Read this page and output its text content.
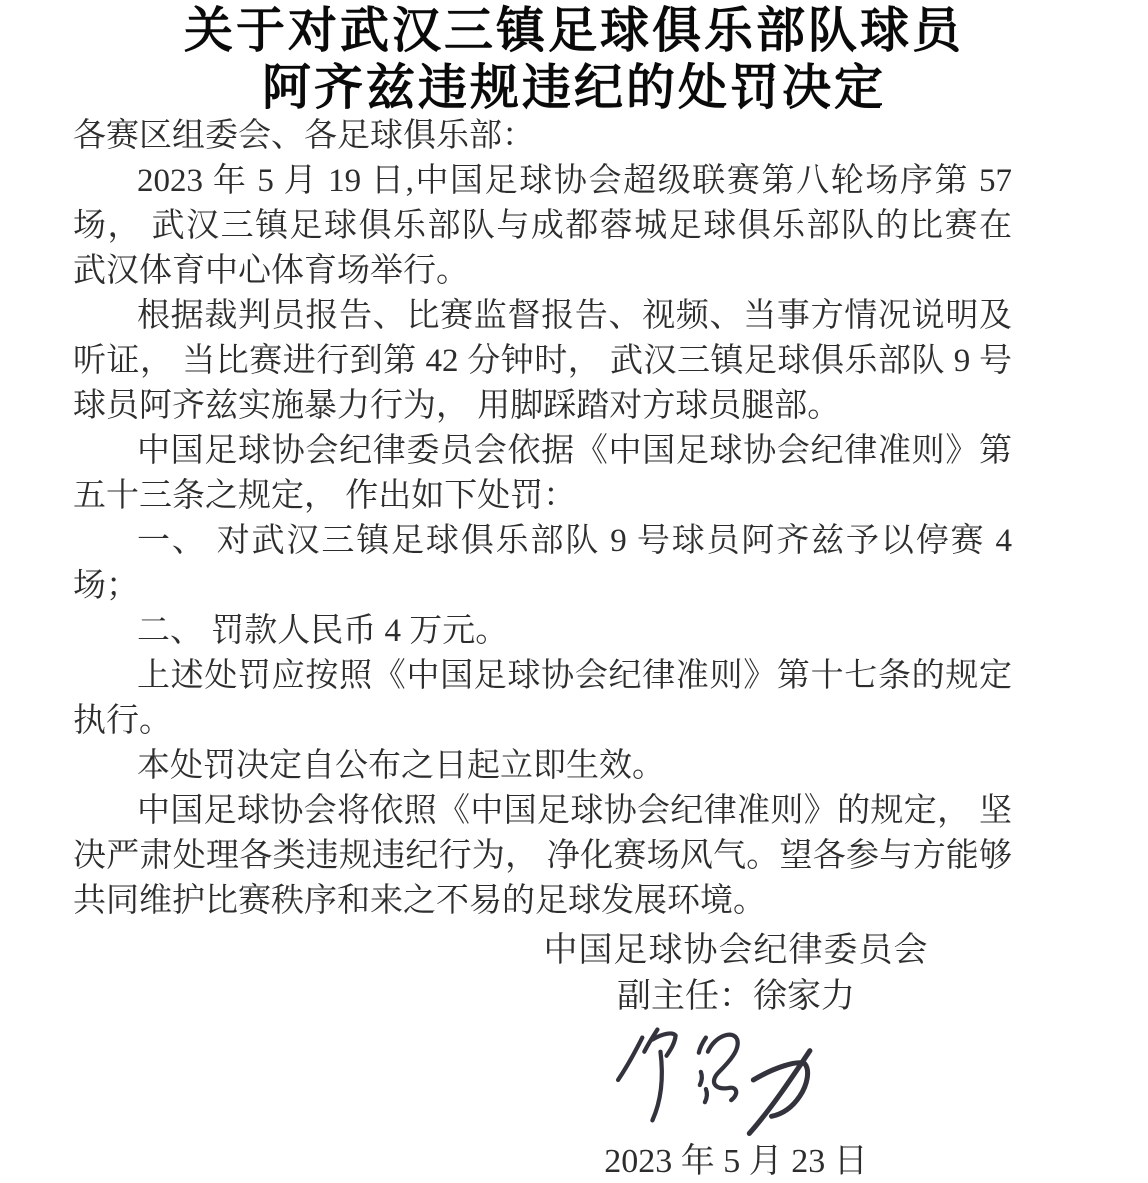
关于对武汉三镇足球俱乐部队球员
阿齐兹违规违纪的处罚决定
各赛区组委会、各足球俱乐部：
2023 年 5 月 19 日,中国足球协会超级联赛第八轮场序第 57
场， 武汉三镇足球俱乐部队与成都蓉城足球俱乐部队的比赛在
武汉体育中心体育场举行。
根据裁判员报告、比赛监督报告、视频、当事方情况说明及
听证， 当比赛进行到第 42 分钟时， 武汉三镇足球俱乐部队 9 号
球员阿齐兹实施暴力行为， 用脚踩踏对方球员腿部。
中国足球协会纪律委员会依据《中国足球协会纪律准则》第
五十三条之规定， 作出如下处罚：
一、 对武汉三镇足球俱乐部队 9 号球员阿齐兹予以停赛 4
场；
二、 罚款人民币 4 万元。
上述处罚应按照《中国足球协会纪律准则》第十七条的规定
执行。
本处罚决定自公布之日起立即生效。
中国足球协会将依照《中国足球协会纪律准则》的规定， 坚
决严肃处理各类违规违纪行为， 净化赛场风气。望各参与方能够
共同维护比赛秩序和来之不易的足球发展环境。
中国足球协会纪律委员会
副主任：徐家力
2023 年 5 月 23 日
